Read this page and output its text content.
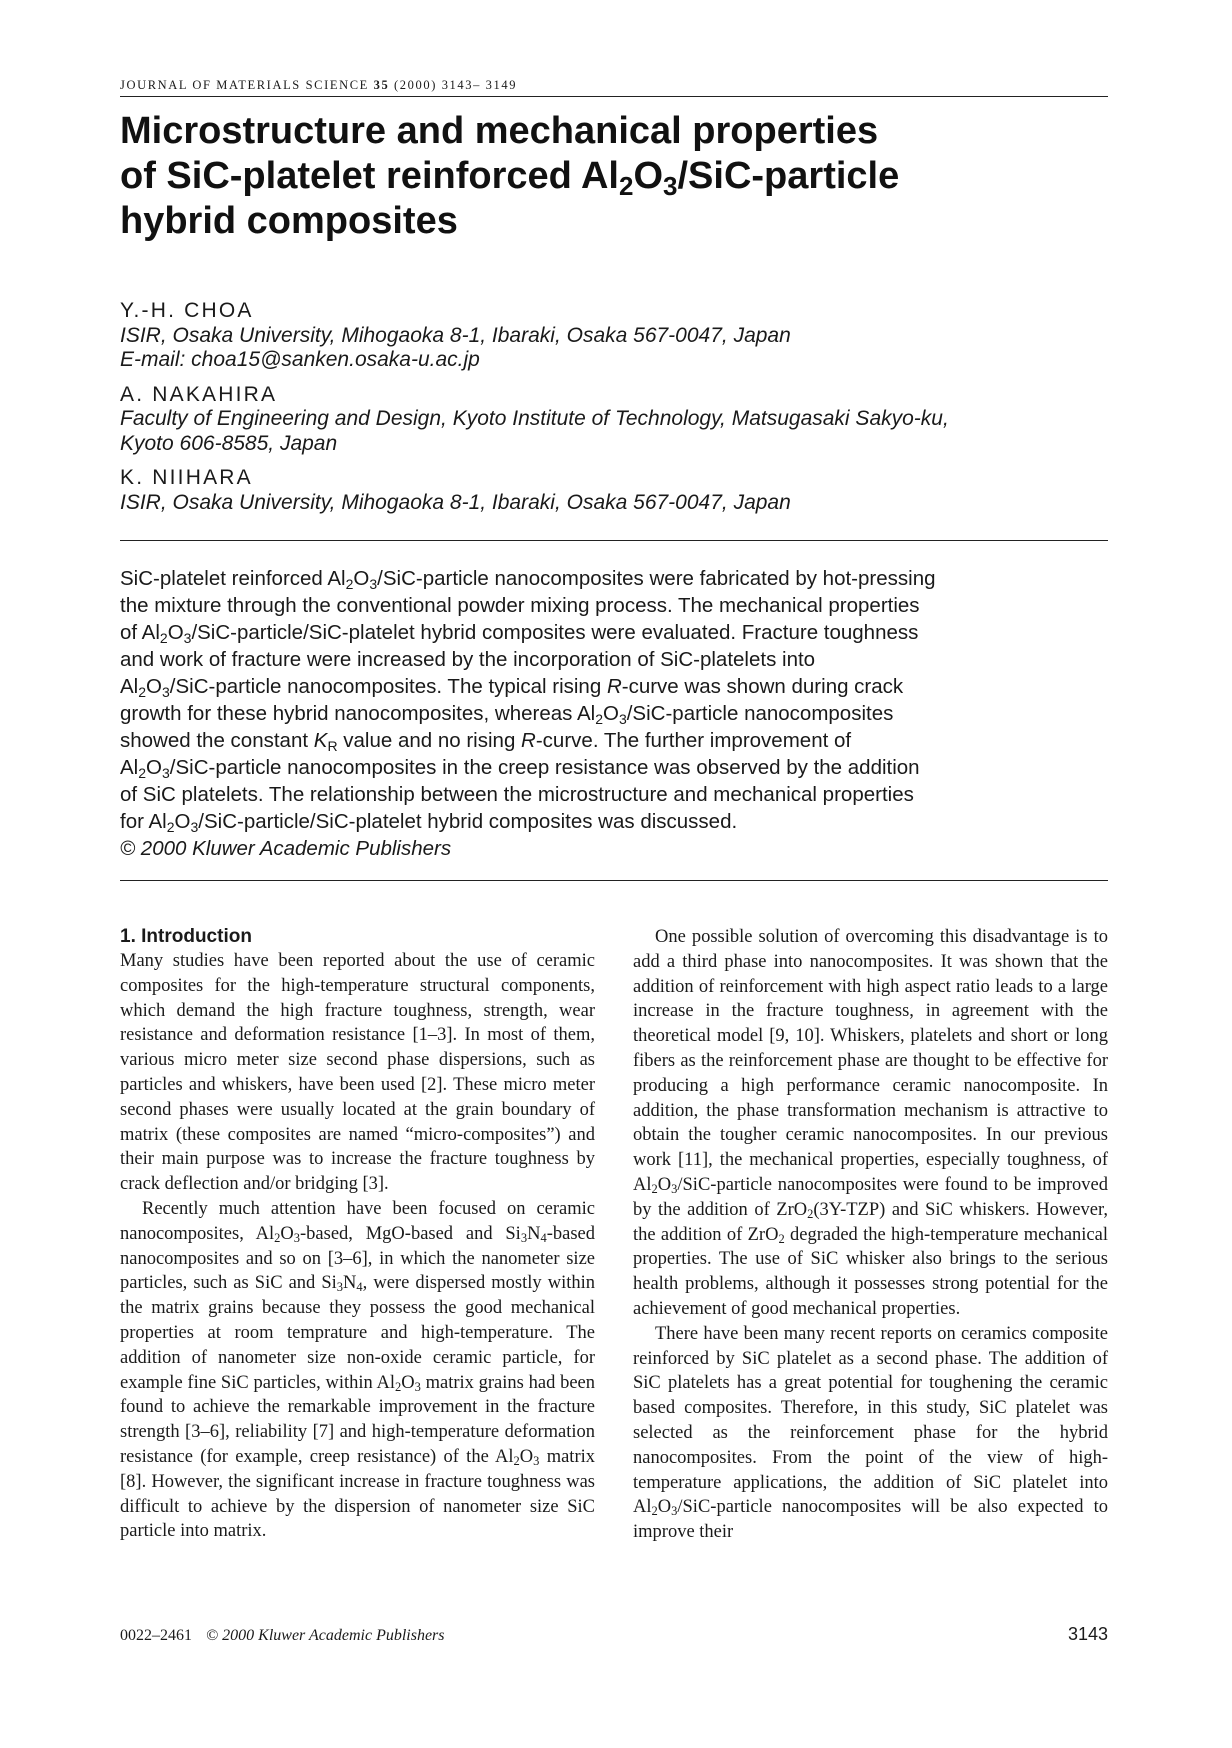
JOURNAL OF MATERIALS SCIENCE 35 (2000) 3143– 3149
Microstructure and mechanical properties
of SiC-platelet reinforced $Al_2O_3/SiC$-particle
hybrid composites
Y.-H. CHOA
ISIR, Osaka University, Mihogaoka 8-1, Ibaraki, Osaka 567-0047, Japan
E-mail: choa15@sanken.osaka-u.ac.jp
A. NAKAHIRA
Faculty of Engineering and Design, Kyoto Institute of Technology, Matsugasaki Sakyo-ku,
Kyoto 606-8585, Japan
K. NIIHARA
ISIR, Osaka University, Mihogaoka 8-1, Ibaraki, Osaka 567-0047, Japan
SiC-platelet reinforced $Al_2O_3/SiC$-particle nanocomposites were fabricated by hot-pressing
the mixture through the conventional powder mixing process. The mechanical properties
of $Al_2O_3/SiC-particle/SiC$-platelet hybrid composites were evaluated. Fracture toughness
and work of fracture were increased by the incorporation of SiC-platelets into
$Al_2O_3/SiC$-particle nanocomposites. The typical rising R-curve was shown during crack
growth for these hybrid nanocomposites, whereas $Al_2O_3/SiC$-particle nanocomposites
showed the constant $K_R$ value and no rising R-curve. The further improvement of
$Al_2O_3/SiC$-particle nanocomposites in the creep resistance was observed by the addition
of SiC platelets. The relationship between the microstructure and mechanical properties
for $Al_2O_3/SiC-particle/SiC$-platelet hybrid composites was discussed.
© 2000 Kluwer Academic Publishers
1. Introduction

Many studies have been reported about the use of ceramic composites for the high-temperature structural components, which demand the high fracture toughness, strength, wear resistance and deformation resistance [1–3]. In most of them, various micro meter size second phase dispersions, such as particles and whiskers, have been used [2]. These micro meter second phases were usually located at the grain boundary of matrix (these composites are named “micro-composites”) and their main purpose was to increase the fracture toughness by crack deflection and/or bridging [3].

Recently much attention have been focused on ceramic nanocomposites, $Al_2O_3$-based, MgO-based and $Si_3N_4$-based nanocomposites and so on [3–6], in which the nanometer size particles, such as SiC and $Si_3N_4$, were dispersed mostly within the matrix grains because they possess the good mechanical properties at room temprature and high-temperature. The addition of nanometer size non-oxide ceramic particle, for example fine SiC particles, within $Al_2O_3$ matrix grains had been found to achieve the remarkable improvement in the fracture strength [3–6], reliability [7] and high-temperature deformation resistance (for example, creep resistance) of the $Al_2O_3$ matrix [8]. However, the significant increase in fracture toughness was difficult to achieve by the dispersion of nanometer size SiC particle into matrix.

One possible solution of overcoming this disadvantage is to add a third phase into nanocomposites. It was shown that the addition of reinforcement with high aspect ratio leads to a large increase in the fracture toughness, in agreement with the theoretical model [9, 10]. Whiskers, platelets and short or long fibers as the reinforcement phase are thought to be effective for producing a high performance ceramic nanocomposite. In addition, the phase transformation mechanism is attractive to obtain the tougher ceramic nanocomposites. In our previous work [11], the mechanical properties, especially toughness, of $Al_2O_3/SiC$-particle nanocomposites were found to be improved by the addition of ZrO$_2$(3Y-TZP) and SiC whiskers. However, the addition of ZrO$_2$ degraded the high-temperature mechanical properties. The use of SiC whisker also brings to the serious health problems, although it possesses strong potential for the achievement of good mechanical properties.

There have been many recent reports on ceramics composite reinforced by SiC platelet as a second phase. The addition of SiC platelets has a great potential for toughening the ceramic based composites. Therefore, in this study, SiC platelet was selected as the reinforcement phase for the hybrid nanocomposites. From the point of the view of high-temperature applications, the addition of SiC platelet into $Al_2O_3/SiC$-particle nanocomposites will be also expected to improve their

0022–2461 © 2000 Kluwer Academic Publishers	3143
